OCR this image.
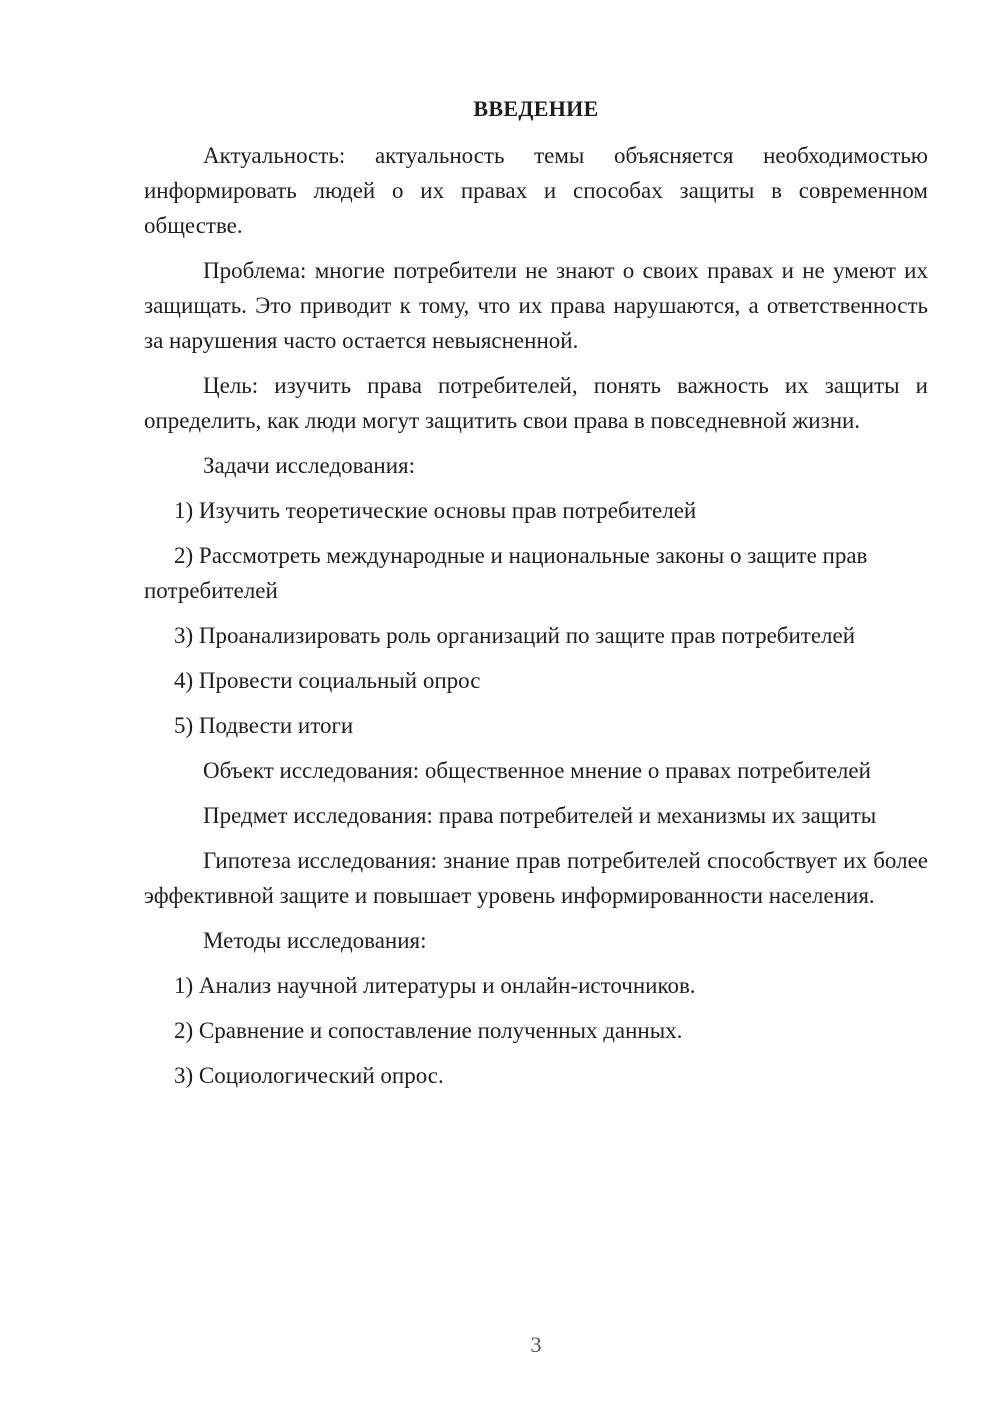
ВВЕДЕНИЕ

Актуальность: актуальность темы объясняется необходимостью информировать людей о их правах и способах защиты в современном обществе.

Проблема: многие потребители не знают о своих правах и не умеют их защищать. Это приводит к тому, что их права нарушаются, а ответственность за нарушения часто остается невыясненной.

Цель: изучить права потребителей, понять важность их защиты и определить, как люди могут защитить свои права в повседневной жизни.

Задачи исследования:

1) Изучить теоретические основы прав потребителей

2) Рассмотреть международные и национальные законы о защите прав потребителей

3) Проанализировать роль организаций по защите прав потребителей

4) Провести социальный опрос

5) Подвести итоги

Объект исследования: общественное мнение о правах потребителей

Предмет исследования: права потребителей и механизмы их защиты

Гипотеза исследования: знание прав потребителей способствует их более эффективной защите и повышает уровень информированности населения.

Методы исследования:

1) Анализ научной литературы и онлайн-источников.

2) Сравнение и сопоставление полученных данных.

3) Социологический опрос.

3
